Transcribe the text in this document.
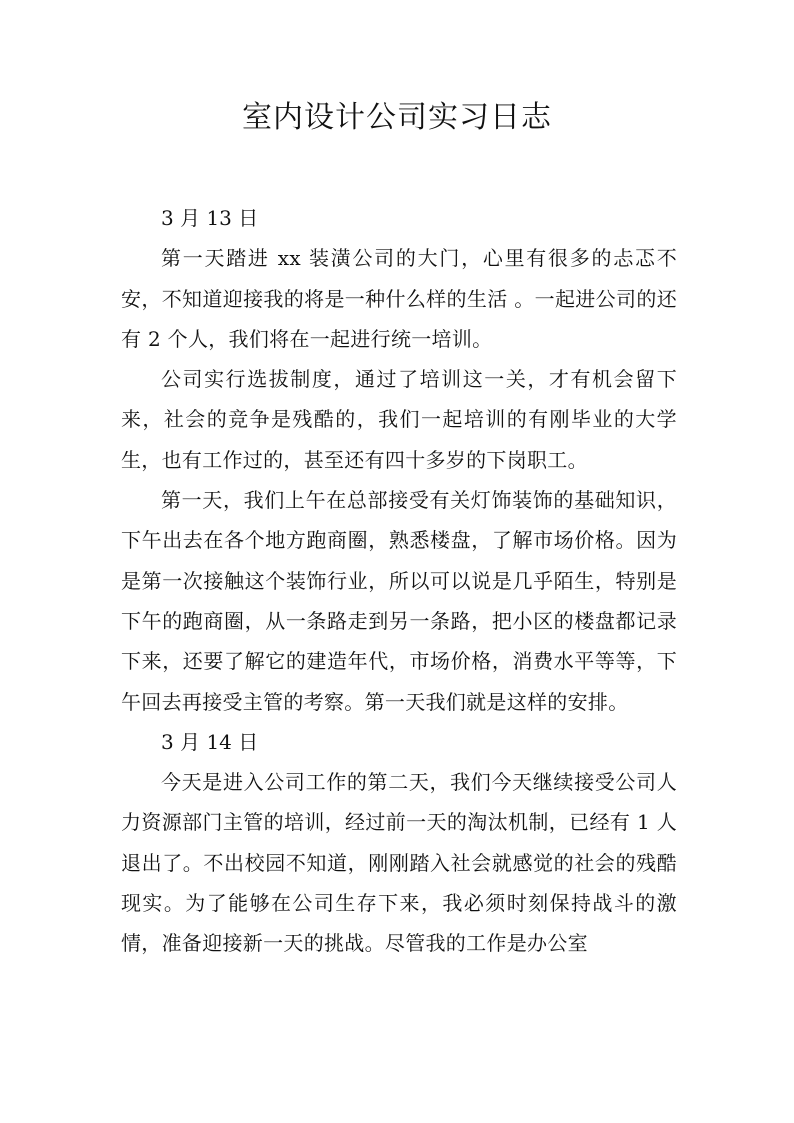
室内设计公司实习日志

3 月 13 日

第一天踏进 xx 装潢公司的大门，心里有很多的忐忑不安，不知道迎接我的将是一种什么样的生活 。一起进公司的还有 2 个人，我们将在一起进行统一培训。

公司实行选拔制度，通过了培训这一关，才有机会留下来，社会的竞争是残酷的，我们一起培训的有刚毕业的大学生，也有工作过的，甚至还有四十多岁的下岗职工。

第一天，我们上午在总部接受有关灯饰装饰的基础知识，下午出去在各个地方跑商圈，熟悉楼盘，了解市场价格。因为是第一次接触这个装饰行业，所以可以说是几乎陌生，特别是下午的跑商圈，从一条路走到另一条路，把小区的楼盘都记录下来，还要了解它的建造年代，市场价格，消费水平等等，下午回去再接受主管的考察。第一天我们就是这样的安排。

3 月 14 日

今天是进入公司工作的第二天，我们今天继续接受公司人力资源部门主管的培训，经过前一天的淘汰机制，已经有 1 人退出了。不出校园不知道，刚刚踏入社会就感觉的社会的残酷现实。为了能够在公司生存下来，我必须时刻保持战斗的激情，准备迎接新一天的挑战。尽管我的工作是办公室
